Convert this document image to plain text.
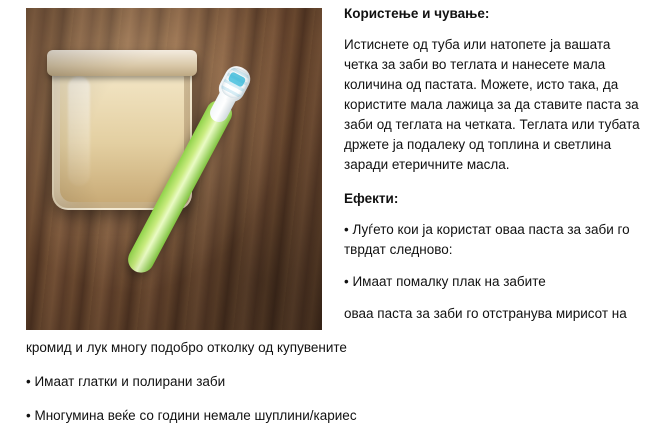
Користење и чување:

Истиснете од туба или натопете ја вашата четка за заби во теглата и нанесете мала количина од пастата. Можете, исто така, да користите мала лажица за да ставите паста за заби од теглата на четката. Теглата или тубата држете ја подалеку од топлина и светлина заради етеричните масла.

Ефекти:

• Луѓето кои ја користат оваа паста за заби го тврдат следново:

• Имаат помалку плак на забите

оваа паста за заби го отстранува мирисот на

кромид и лук многу подобро отколку од купувените

• Имаат глатки и полирани заби

• Многумина веќе со години немале шуплини/кариес
